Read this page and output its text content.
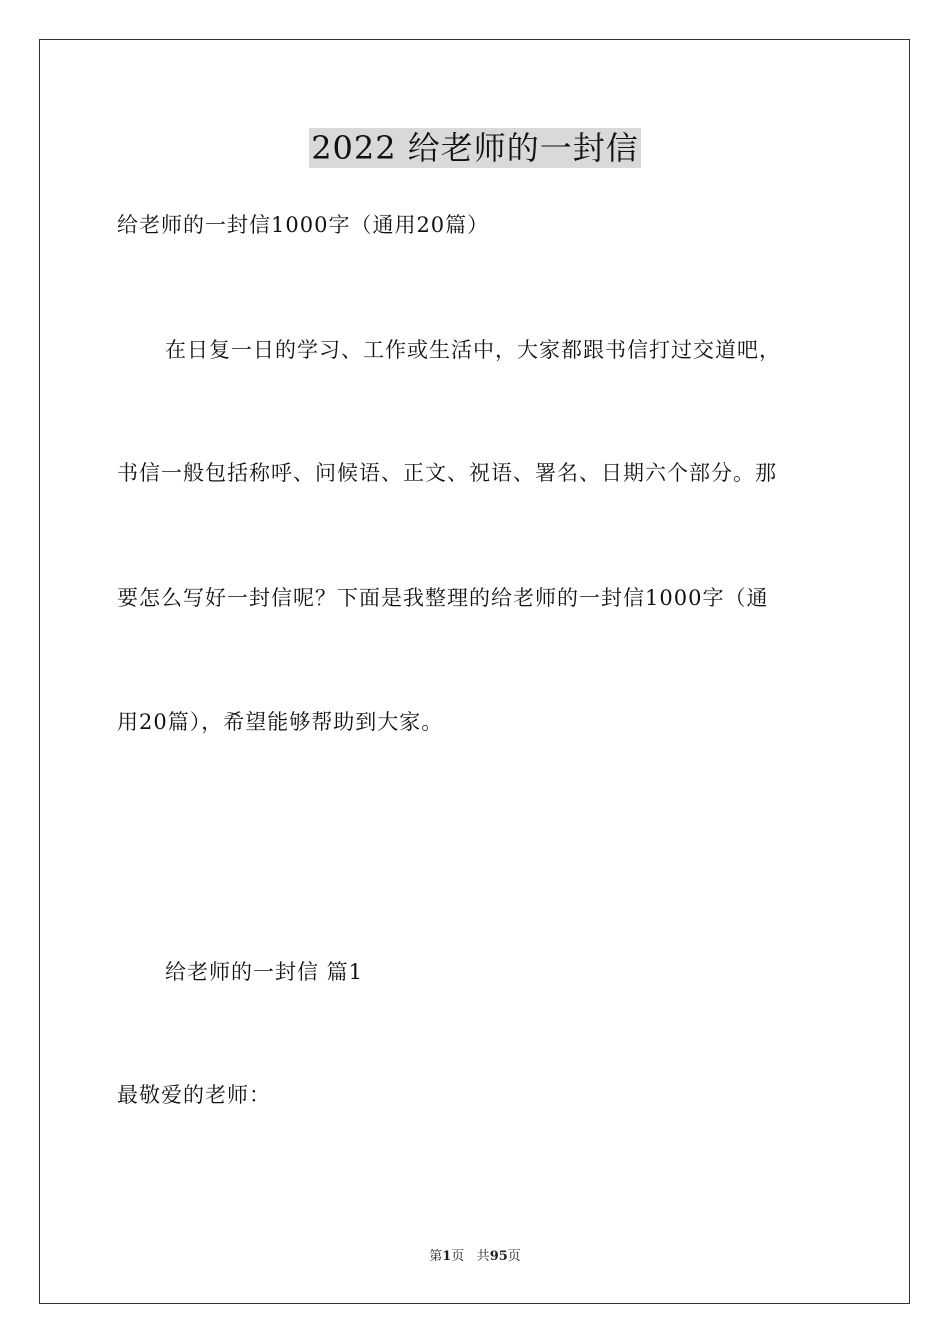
2022 给老师的一封信
给老师的一封信1000字（通用20篇）
在日复一日的学习、工作或生活中，大家都跟书信打过交道吧，
书信一般包括称呼、问候语、正文、祝语、署名、日期六个部分。那
要怎么写好一封信呢？下面是我整理的给老师的一封信1000字（通
用20篇），希望能够帮助到大家。
给老师的一封信 篇1
最敬爱的老师：
第1页 共95页
